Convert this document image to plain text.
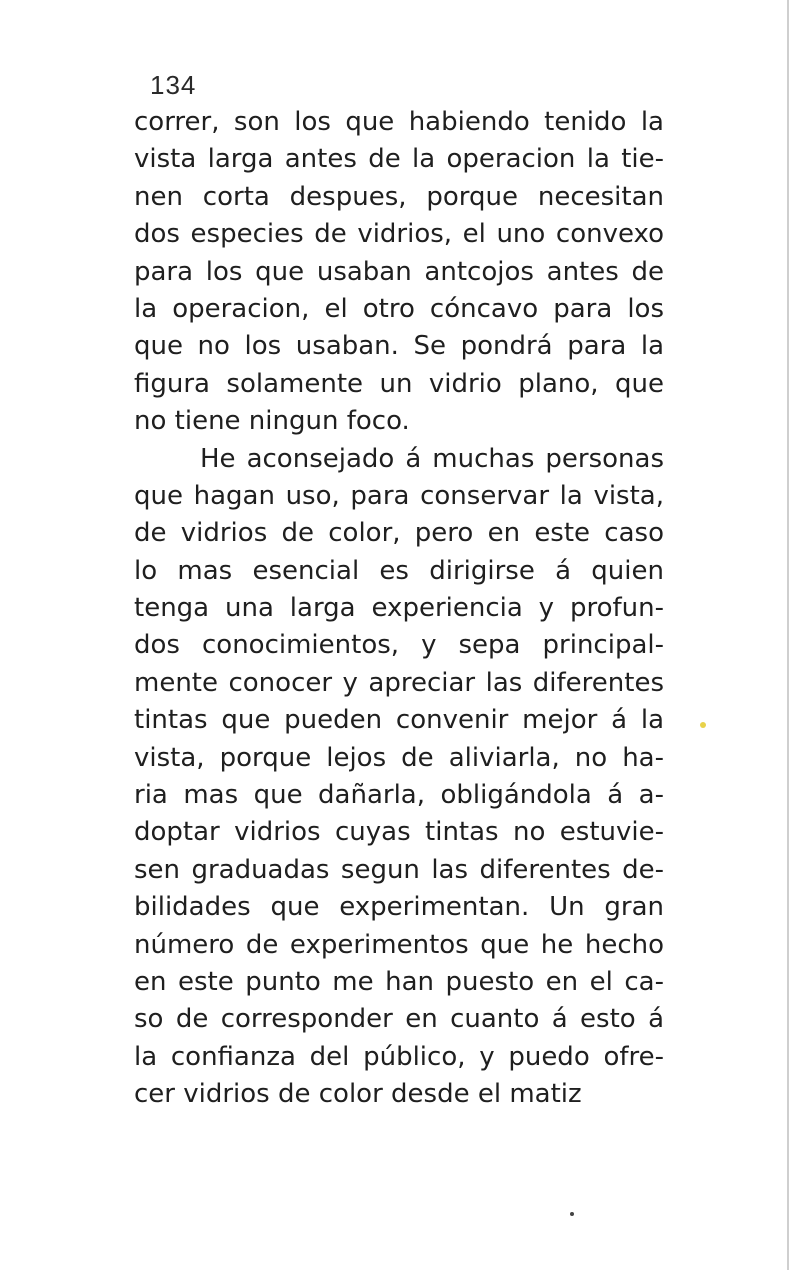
134
correr, son los que habiendo tenido la
vista larga antes de la operacion la tie-
nen corta despues, porque necesitan
dos especies de vidrios, el uno convexo
para los que usaban antcojos antes de
la operacion, el otro cóncavo para los
que no los usaban. Se pondrá para la
figura solamente un vidrio plano, que
no tiene ningun foco.
He aconsejado á muchas personas
que hagan uso, para conservar la vista,
de vidrios de color, pero en este caso
lo mas esencial es dirigirse á quien
tenga una larga experiencia y profun-
dos conocimientos, y sepa principal-
mente conocer y apreciar las diferentes
tintas que pueden convenir mejor á la
vista, porque lejos de aliviarla, no ha-
ria mas que dañarla, obligándola á a-
doptar vidrios cuyas tintas no estuvie-
sen graduadas segun las diferentes de-
bilidades que experimentan. Un gran
número de experimentos que he hecho
en este punto me han puesto en el ca-
so de corresponder en cuanto á esto á
la confianza del público, y puedo ofre-
cer vidrios de color desde el matiz
